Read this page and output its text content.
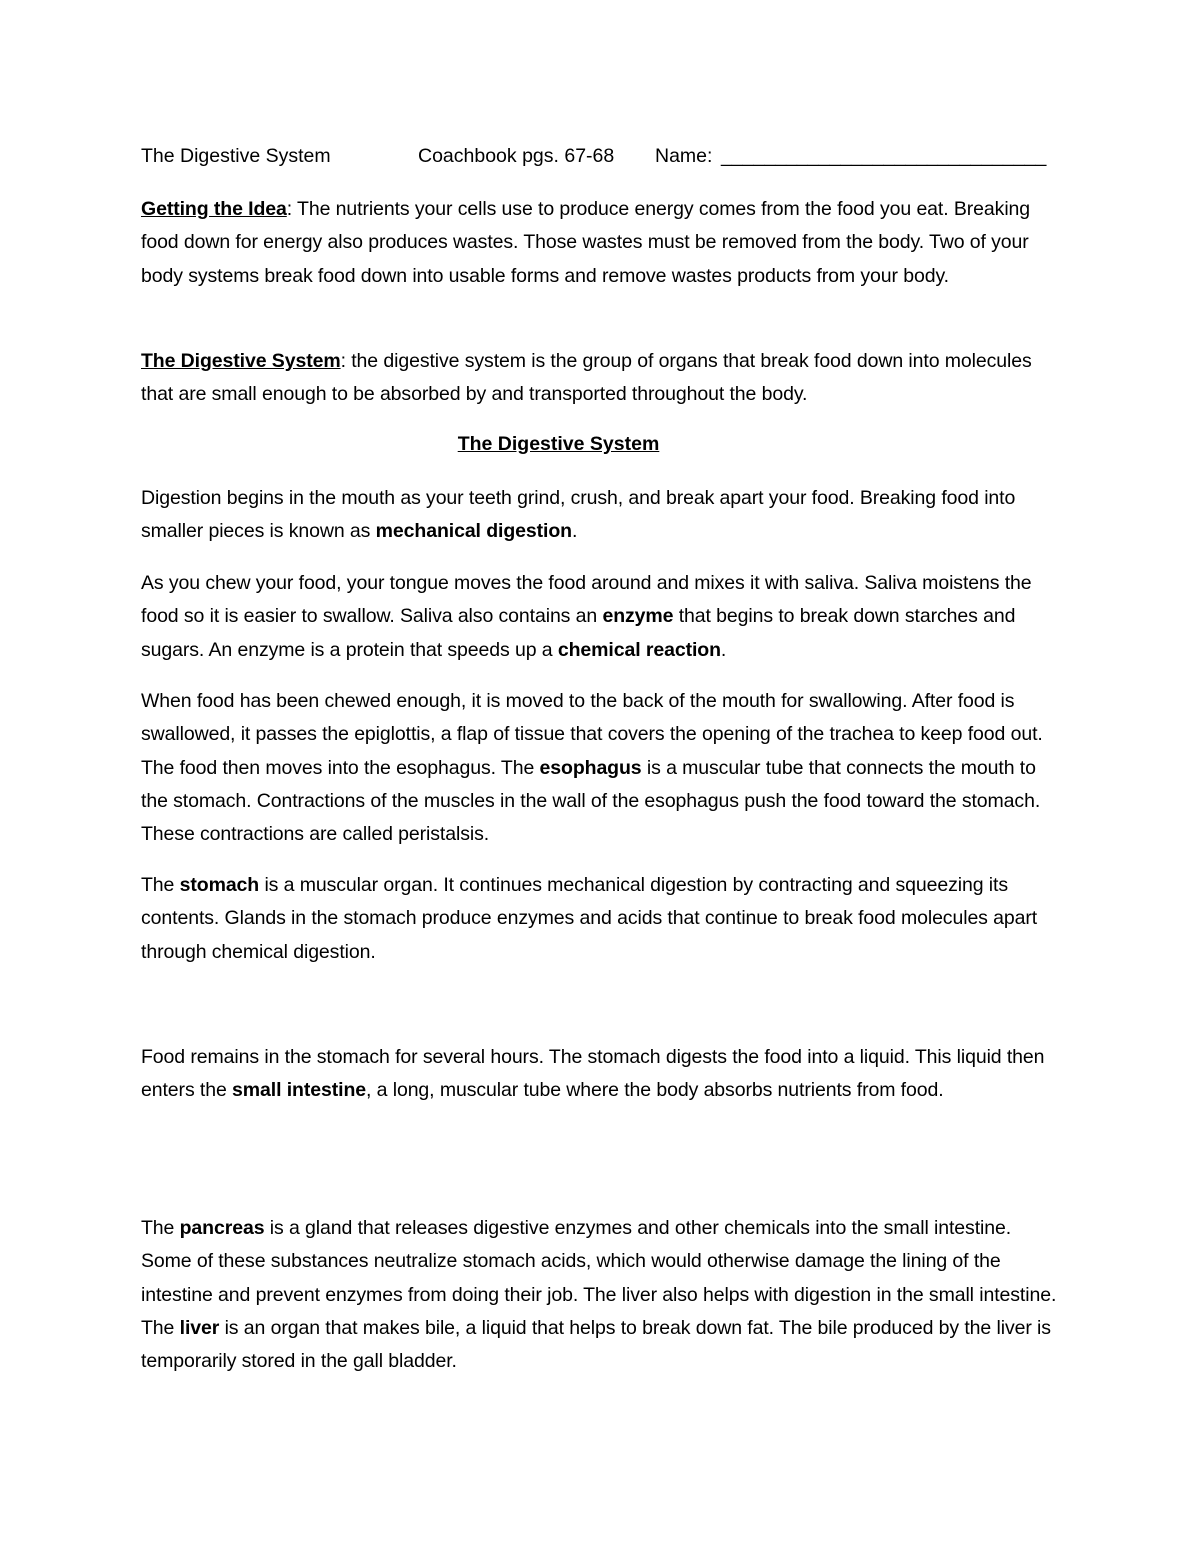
The Digestive System	Coachbook pgs. 67-68 Name: ______________________________
Getting the Idea: The nutrients your cells use to produce energy comes from the food you eat. Breaking food down for energy also produces wastes. Those wastes must be removed from the body. Two of your body systems break food down into usable forms and remove wastes products from your body.
The Digestive System: the digestive system is the group of organs that break food down into molecules that are small enough to be absorbed by and transported throughout the body.
The Digestive System
Digestion begins in the mouth as your teeth grind, crush, and break apart your food. Breaking food into smaller pieces is known as mechanical digestion.
As you chew your food, your tongue moves the food around and mixes it with saliva. Saliva moistens the food so it is easier to swallow. Saliva also contains an enzyme that begins to break down starches and sugars. An enzyme is a protein that speeds up a chemical reaction.
When food has been chewed enough, it is moved to the back of the mouth for swallowing. After food is swallowed, it passes the epiglottis, a flap of tissue that covers the opening of the trachea to keep food out. The food then moves into the esophagus. The esophagus is a muscular tube that connects the mouth to the stomach. Contractions of the muscles in the wall of the esophagus push the food toward the stomach. These contractions are called peristalsis.
The stomach is a muscular organ. It continues mechanical digestion by contracting and squeezing its contents. Glands in the stomach produce enzymes and acids that continue to break food molecules apart through chemical digestion.
Food remains in the stomach for several hours. The stomach digests the food into a liquid. This liquid then enters the small intestine, a long, muscular tube where the body absorbs nutrients from food.
The pancreas is a gland that releases digestive enzymes and other chemicals into the small intestine. Some of these substances neutralize stomach acids, which would otherwise damage the lining of the intestine and prevent enzymes from doing their job. The liver also helps with digestion in the small intestine. The liver is an organ that makes bile, a liquid that helps to break down fat. The bile produced by the liver is temporarily stored in the gall bladder.
